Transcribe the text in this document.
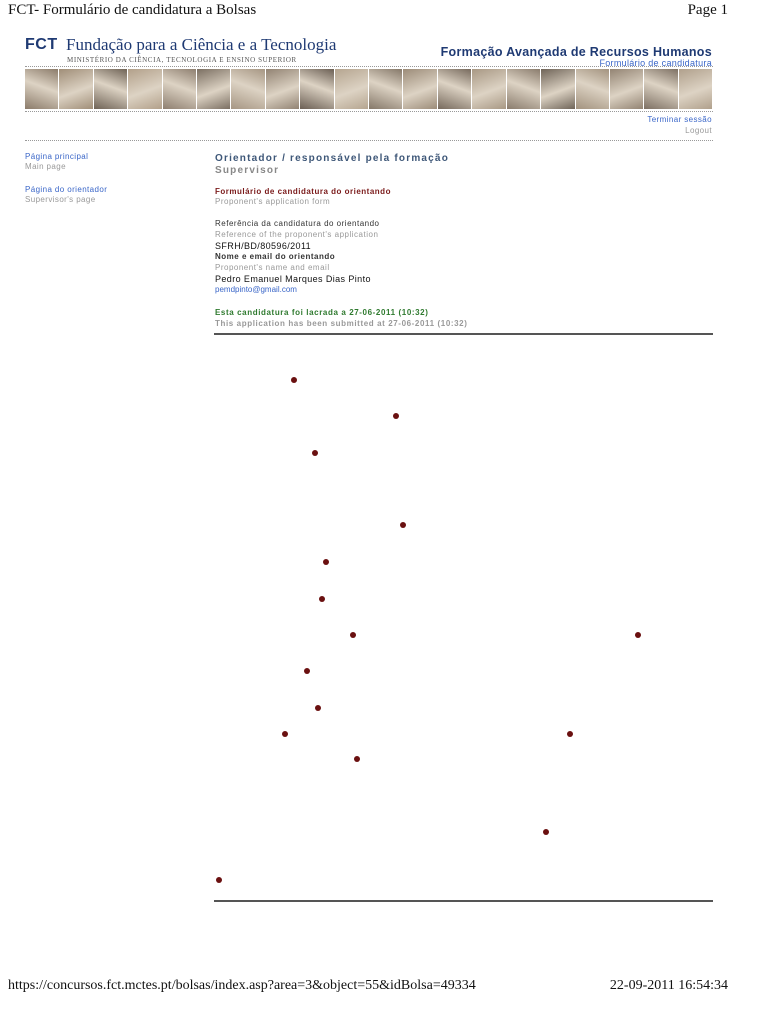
FCT- Formulário de candidatura a Bolsas	Page 1
FCT Fundação para a Ciência e a Tecnologia
MINISTÉRIO DA CIÊNCIA, TECNOLOGIA E ENSINO SUPERIOR
Formação Avançada de Recursos Humanos
Formulário de candidatura
Terminar sessão
Logout
Página principal
Main page
Página do orientador
Supervisor's page
Orientador / responsável pela formação
Supervisor
Formulário de candidatura do orientando
Proponent's application form
Referência da candidatura do orientando
Reference of the proponent's application
SFRH/BD/80596/2011
Nome e email do orientando
Proponent's name and email
Pedro Emanuel Marques Dias Pinto
pemdpinto@gmail.com
Esta candidatura foi lacrada a 27-06-2011 (10:32)
This application has been submitted at 27-06-2011 (10:32)
https://concursos.fct.mctes.pt/bolsas/index.asp?area=3&object=55&idBolsa=49334	22-09-2011 16:54:34
